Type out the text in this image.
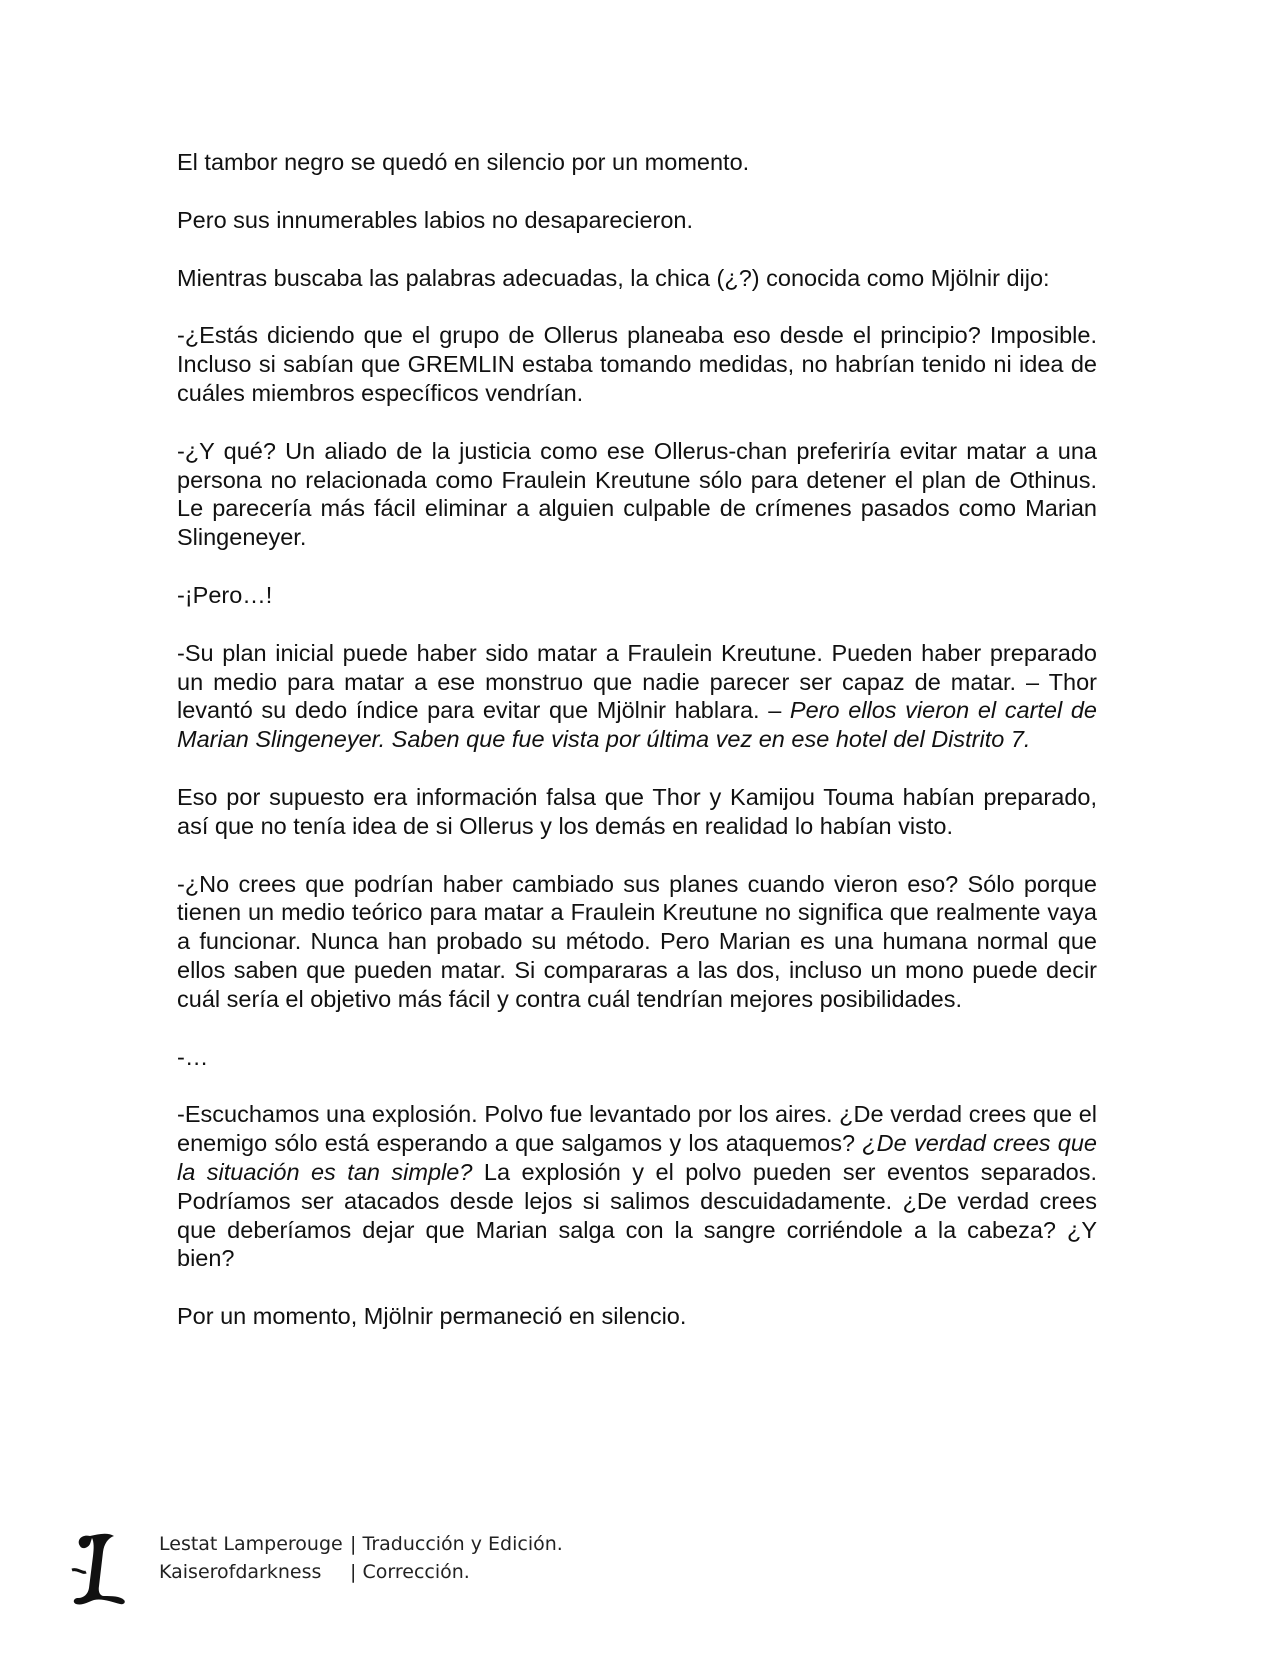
El tambor negro se quedó en silencio por un momento.

Pero sus innumerables labios no desaparecieron.

Mientras buscaba las palabras adecuadas, la chica (¿?) conocida como Mjölnir dijo:

-¿Estás diciendo que el grupo de Ollerus planeaba eso desde el principio? Imposible. Incluso si sabían que GREMLIN estaba tomando medidas, no habrían tenido ni idea de cuáles miembros específicos vendrían.

-¿Y qué? Un aliado de la justicia como ese Ollerus-chan preferiría evitar matar a una persona no relacionada como Fraulein Kreutune sólo para detener el plan de Othinus. Le parecería más fácil eliminar a alguien culpable de crímenes pasados como Marian Slingeneyer.

-¡Pero…!

-Su plan inicial puede haber sido matar a Fraulein Kreutune. Pueden haber preparado un medio para matar a ese monstruo que nadie parecer ser capaz de matar. – Thor levantó su dedo índice para evitar que Mjölnir hablara. – Pero ellos vieron el cartel de Marian Slingeneyer. Saben que fue vista por última vez en ese hotel del Distrito 7.

Eso por supuesto era información falsa que Thor y Kamijou Touma habían preparado, así que no tenía idea de si Ollerus y los demás en realidad lo habían visto.

-¿No crees que podrían haber cambiado sus planes cuando vieron eso? Sólo porque tienen un medio teórico para matar a Fraulein Kreutune no significa que realmente vaya a funcionar. Nunca han probado su método. Pero Marian es una humana normal que ellos saben que pueden matar. Si compararas a las dos, incluso un mono puede decir cuál sería el objetivo más fácil y contra cuál tendrían mejores posibilidades.

-…

-Escuchamos una explosión. Polvo fue levantado por los aires. ¿De verdad crees que el enemigo sólo está esperando a que salgamos y los ataquemos? ¿De verdad crees que la situación es tan simple? La explosión y el polvo pueden ser eventos separados. Podríamos ser atacados desde lejos si salimos descuidadamente. ¿De verdad crees que deberíamos dejar que Marian salga con la sangre corriéndole a la cabeza? ¿Y bien?

Por un momento, Mjölnir permaneció en silencio.

Lestat Lamperouge | Traducción y Edición.
Kaiserofdarkness | Corrección.
